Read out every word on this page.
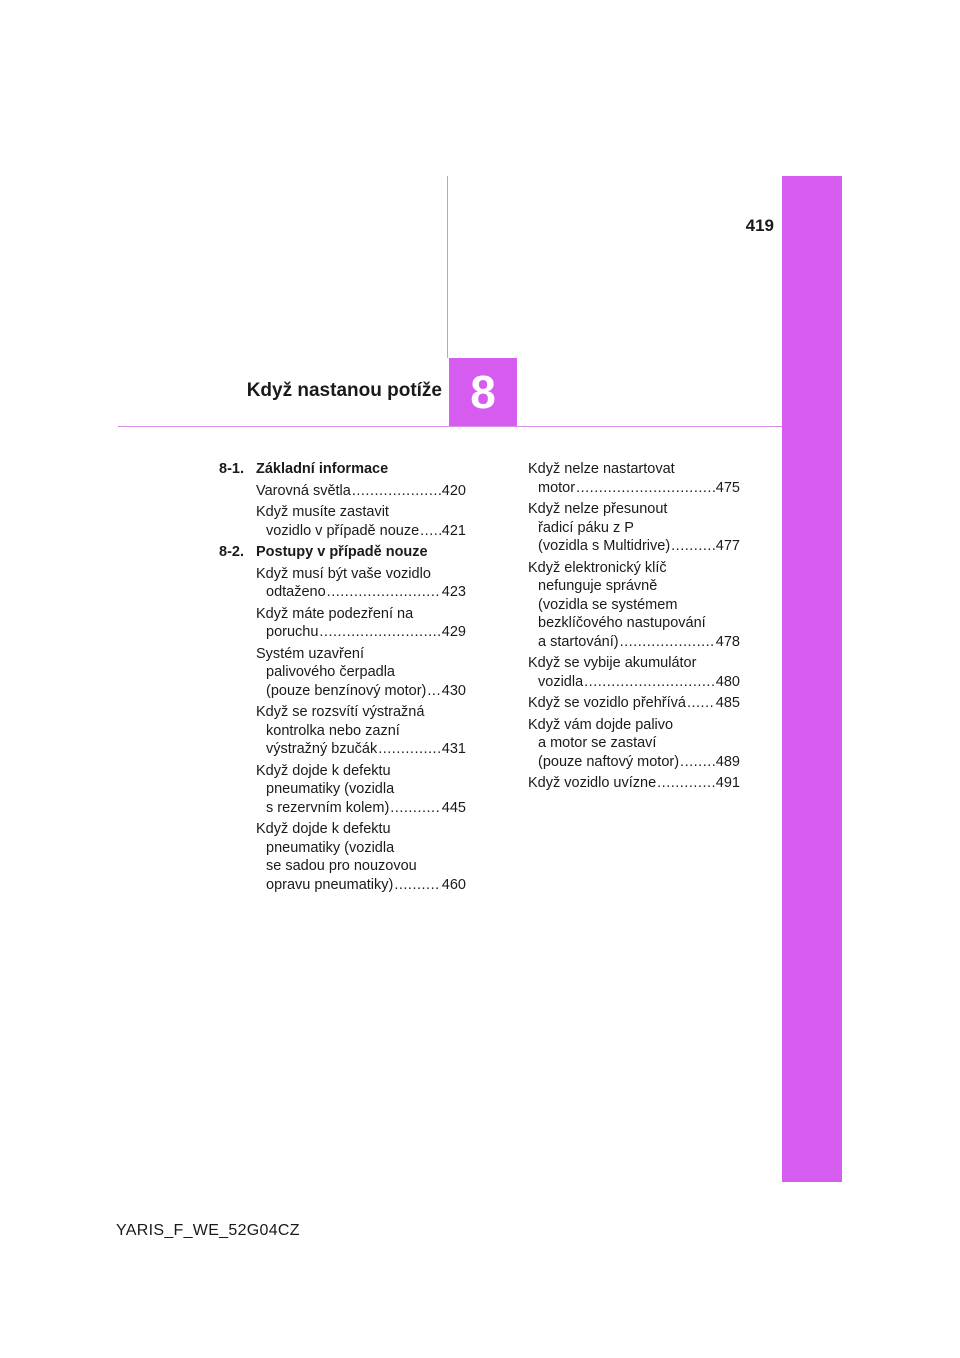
419
8
Když nastanou potíže
8-1. Základní informace
Varovná světla .....	420
Když musíte zastavit
vozidlo v případě nouze ..... 421
8-2. Postupy v případě nouze
Když musí být vaše vozidlo
odtaženo .....	423
Když máte podezření na
poruchu .....	429
Systém uzavření
palivového čerpadla
(pouze benzínový motor) ..... 430
Když se rozsvítí výstražná
kontrolka nebo zazní
výstražný bzučák .....	431
Když dojde k defektu
pneumatiky (vozidla
s rezervním kolem) .....	445
Když dojde k defektu
pneumatiky (vozidla
se sadou pro nouzovou
opravu pneumatiky) .....	460
Když nelze nastartovat
motor .....	475
Když nelze přesunout
řadicí páku z P
(vozidla s Multidrive) .....	477
Když elektronický klíč
nefunguje správně
(vozidla se systémem
bezklíčového nastupování
a startování) .....	478
Když se vybije akumulátor
vozidla .....	480
Když se vozidlo přehřívá ..... 485
Když vám dojde palivo
a motor se zastaví
(pouze naftový motor) .....	489
Když vozidlo uvízne .....	491
YARIS_F_WE_52G04CZ
